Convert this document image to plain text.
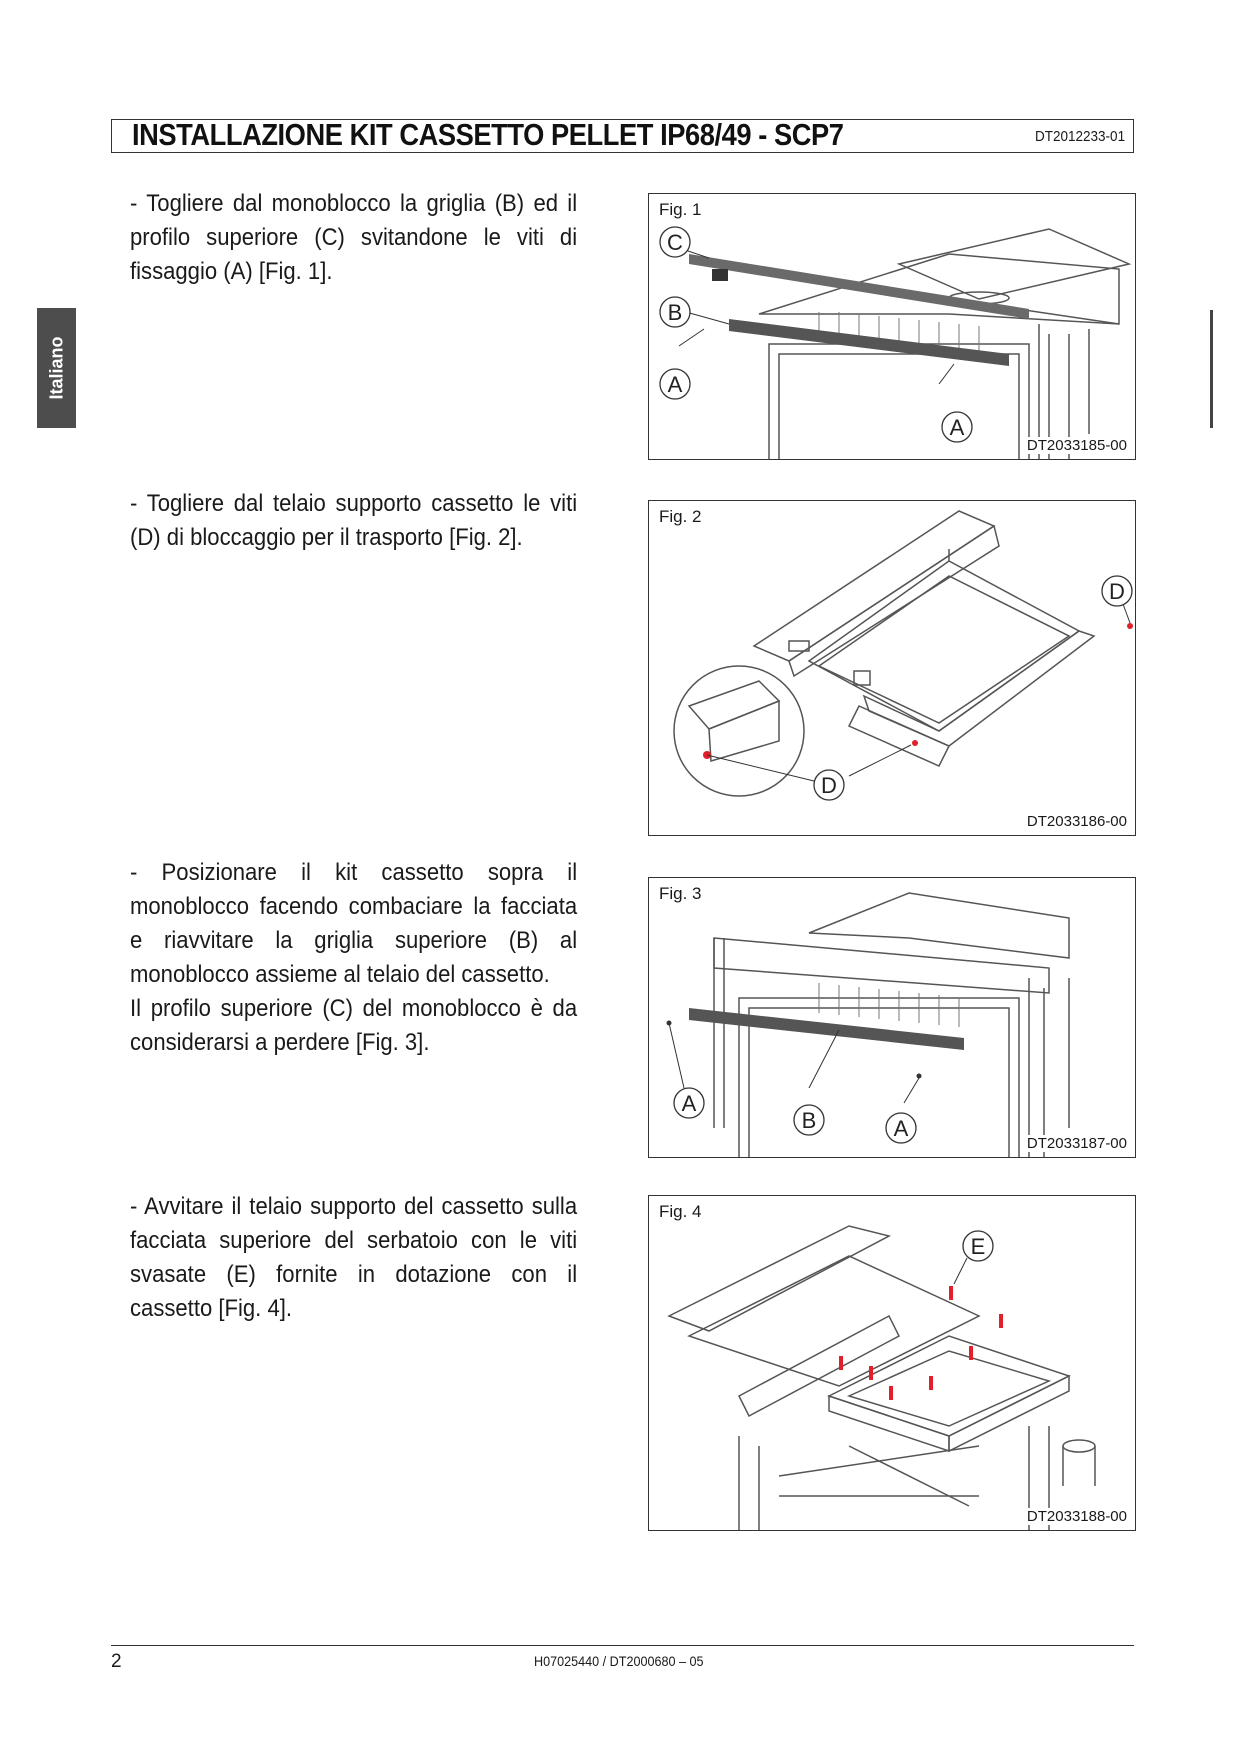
INSTALLAZIONE KIT CASSETTO PELLET IP68/49 - SCP7	DT2012233-01
Italiano

- Togliere dal monoblocco la griglia (B) ed il profilo superiore (C) svitandone le viti di fissaggio (A) [Fig. 1].

- Togliere dal telaio supporto cassetto le viti (D) di bloccaggio per il trasporto [Fig. 2].

- Posizionare il kit cassetto sopra il monoblocco facendo combaciare la facciata e riavvitare la griglia superiore (B) al monoblocco assieme al telaio del cassetto.

Il profilo superiore (C) del monoblocco è da considerarsi a perdere [Fig. 3].

- Avvitare il telaio supporto del cassetto sulla facciata superiore del serbatoio con le viti svasate (E) fornite in dotazione con il cassetto [Fig. 4].

C
B
A
A
Fig. 1
DT2033185-00
D
D
Fig. 2
DT2033186-00
A
B	A
Fig. 3
DT2033187-00
E
Fig. 4
DT2033188-00
2	H07025440 / DT2000680 – 05
